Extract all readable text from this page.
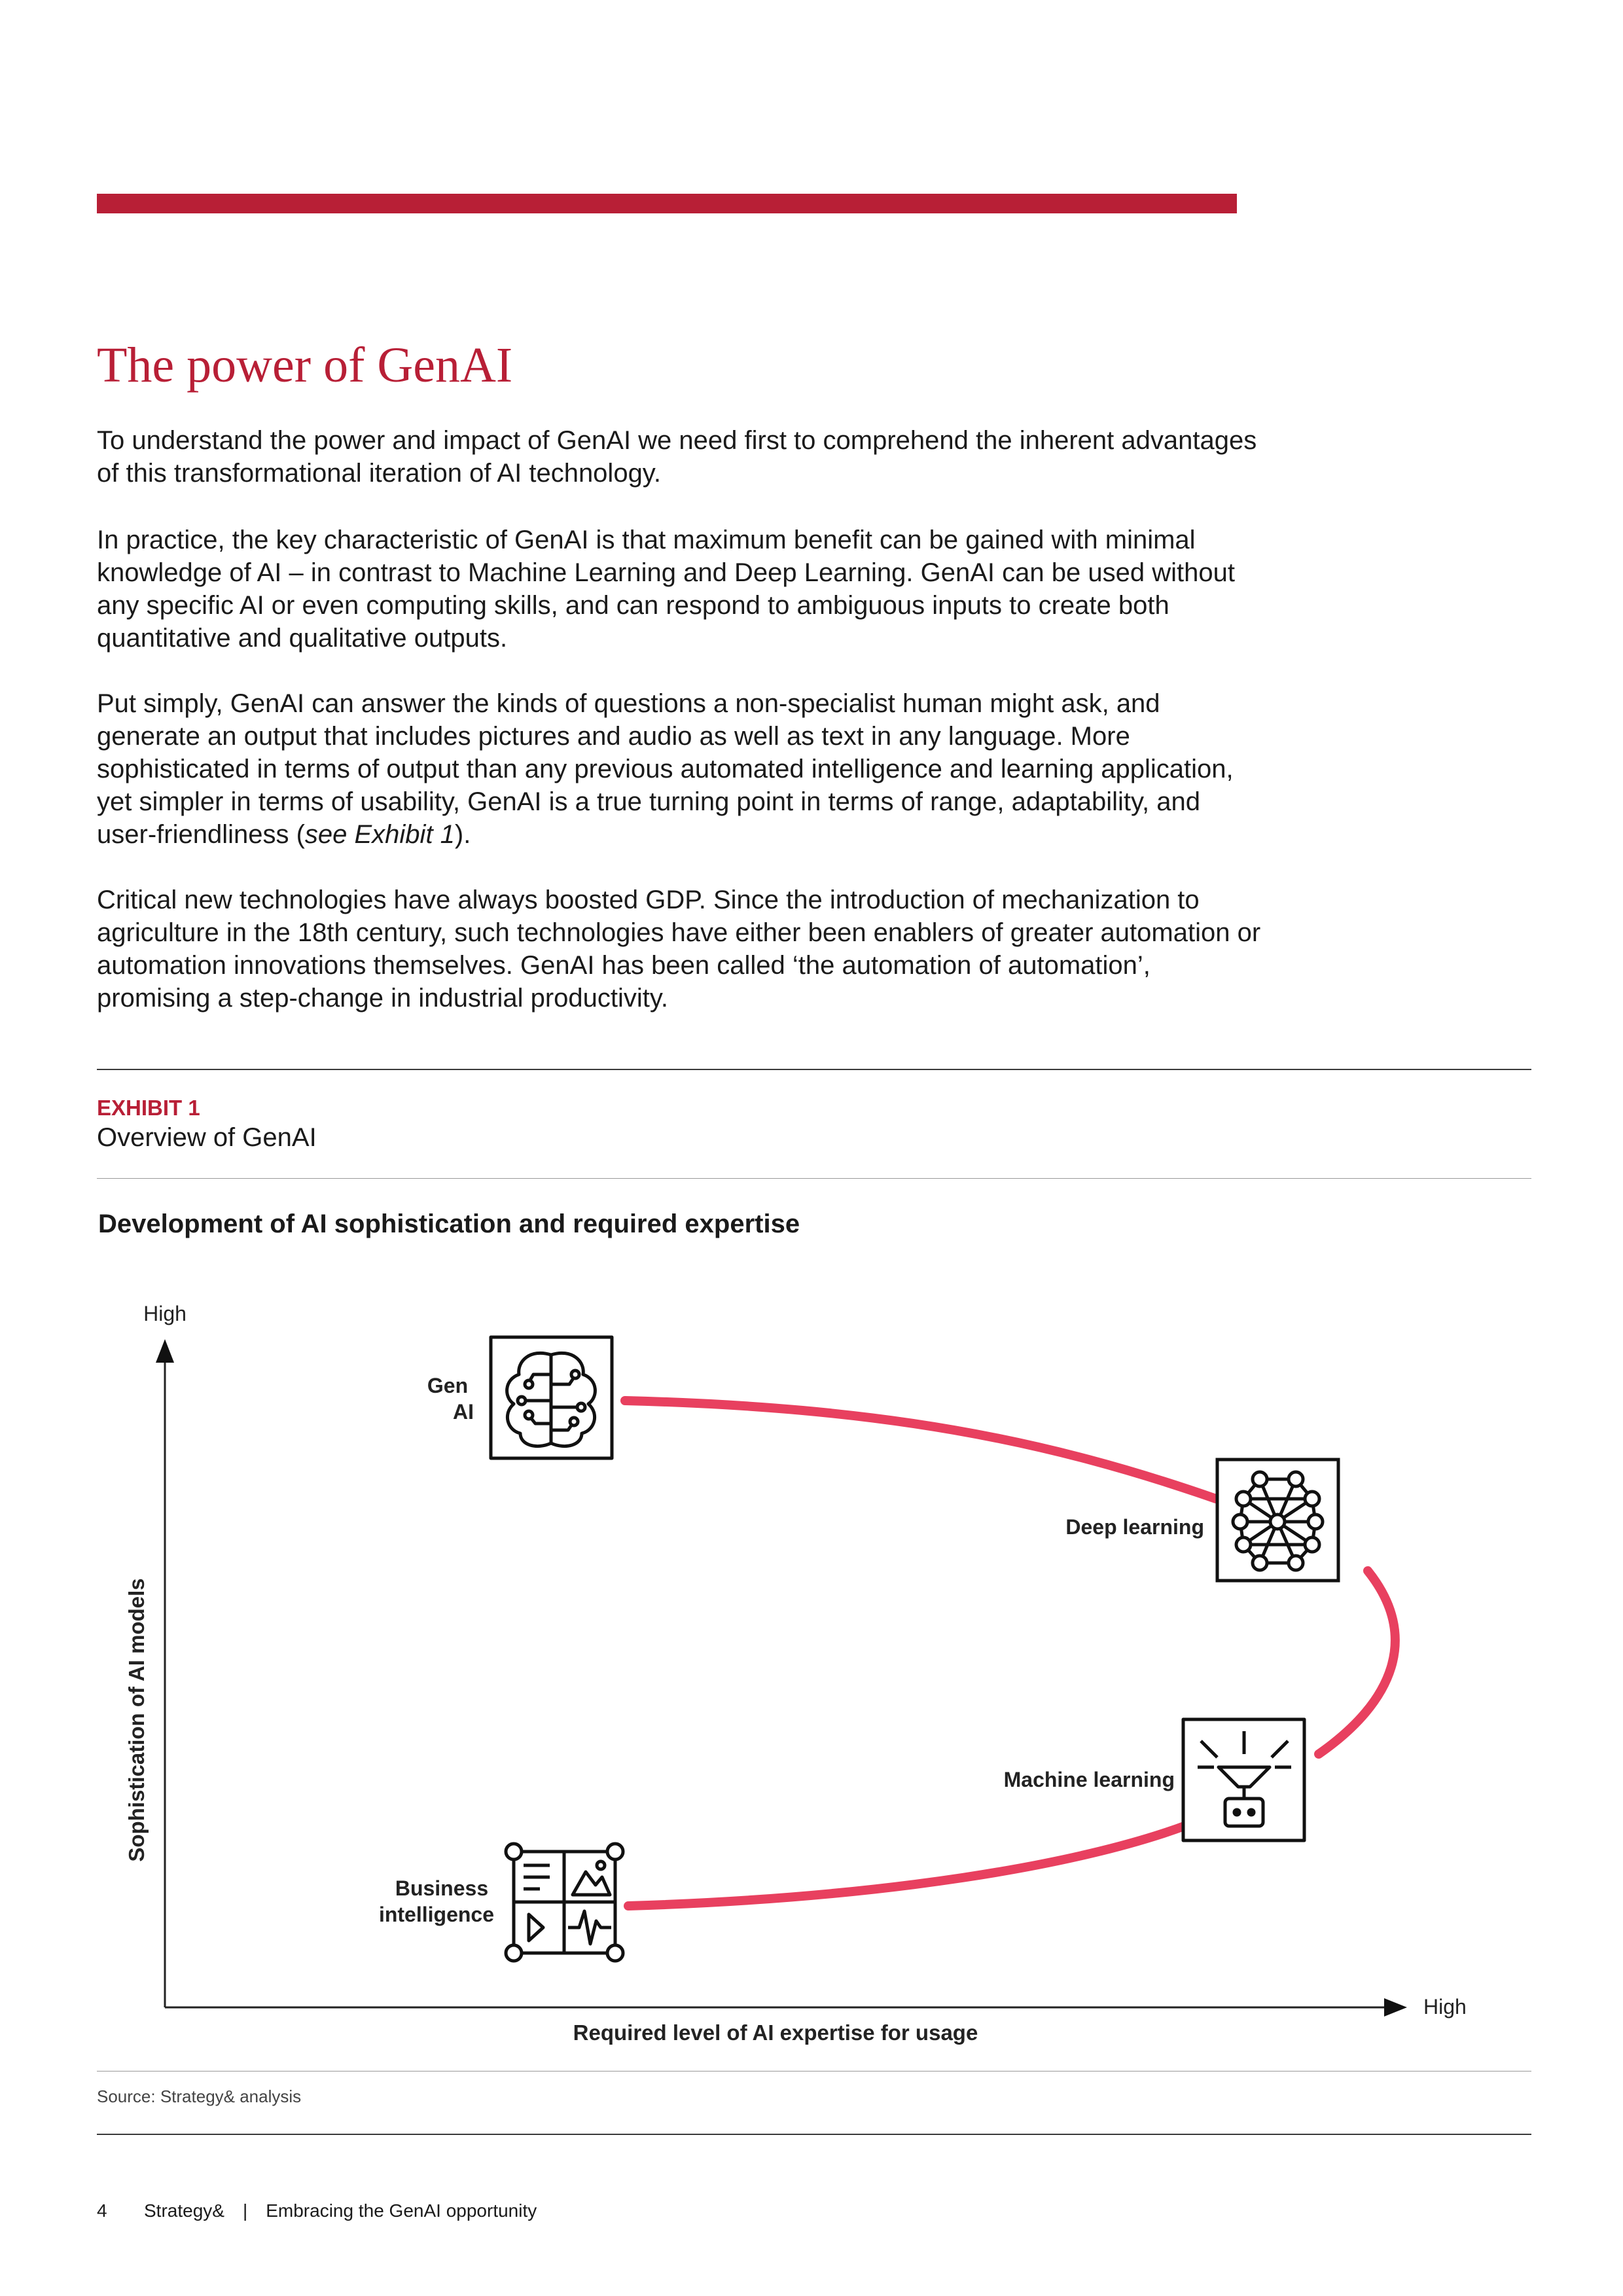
The power of GenAI

To understand the power and impact of GenAI we need first to comprehend the inherent advantages of this transformational iteration of AI technology.

In practice, the key characteristic of GenAI is that maximum benefit can be gained with minimal knowledge of AI – in contrast to Machine Learning and Deep Learning. GenAI can be used without any specific AI or even computing skills, and can respond to ambiguous inputs to create both quantitative and qualitative outputs.

Put simply, GenAI can answer the kinds of questions a non-specialist human might ask, and generate an output that includes pictures and audio as well as text in any language. More sophisticated in terms of output than any previous automated intelligence and learning application, yet simpler in terms of usability, GenAI is a true turning point in terms of range, adaptability, and user-friendliness (see Exhibit 1).

Critical new technologies have always boosted GDP. Since the introduction of mechanization to agriculture in the 18th century, such technologies have either been enablers of greater automation or automation innovations themselves. GenAI has been called ‘the automation of automation’, promising a step-change in industrial productivity.

EXHIBIT 1
Overview of GenAI
Development of AI sophistication and required expertise
High
High
Required level of AI expertise for usage
Sophistication of AI models
Gen AI
Deep learning
Machine learning
Business intelligence
Source: Strategy& analysis
4 Strategy& | Embracing the GenAI opportunity
